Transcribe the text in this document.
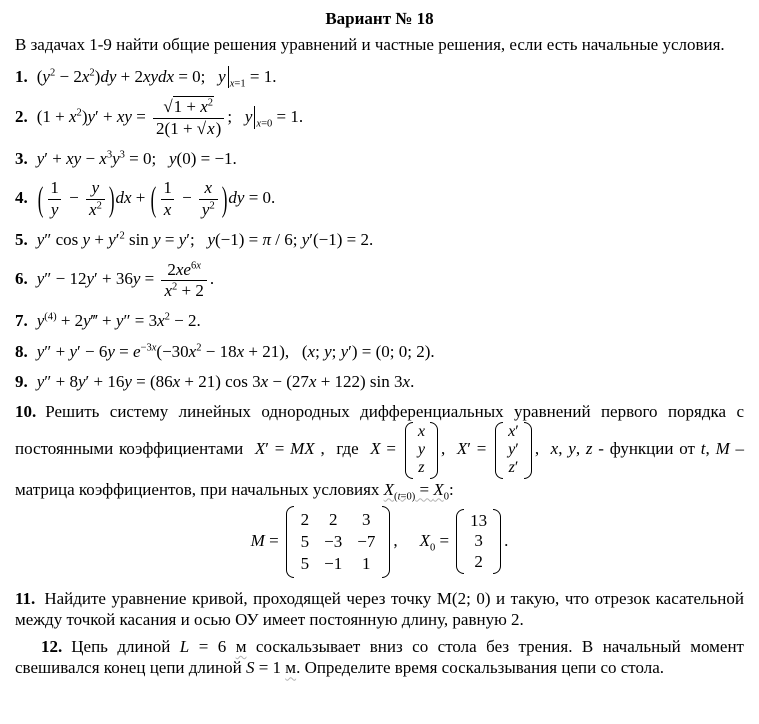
Вариант № 18
В задачах 1-9 найти общие решения уравнений и частные решения, если есть начальные условия.
1. $(y^2 - 2x^2)dy$ + 2xydx = 0;   y $_{x=1}$ = 1.
2. $(1 + x^2)y'$ + xy = $\frac{√1 + x^2}{2(1 + √x)}$ ;   y $_{x=0}$ = 1.
3. y′ + xy − $x^3y^3 = 0$;   y(0) = −1.
4. ( $\frac{1}{y} - \frac{y}{x^2} )dx$ + ( $\frac{1}{x} - \frac{x}{y^2} )dy = 0$.
5. y″ $\cos y + y'^2$ sin y = y′;   y(−1) = π / 6; y′(−1) = 2.
6. $y'' - 12y' + 36y = \frac{2xe^{6x}}{x^2 + 2}$ .
7. $y^{(4)}$ + 2y‴ + $y'' = 3x^2 - 2$.
8. $y'' + y' - 6y = e^{-3x}(-30x^2 - 18x + 21)$,   (x; y; y′) = (0; 0; 2).
9. y″ + 8y′ + 16y = (86x + 21) cos 3x − (27x + 122) sin 3x.
10. Решить систему линейных однородных дифференциальных уравнений первого порядка с постоянными коэффициентами  X′ = MX ,  где  X =
x
y
z
,  X′ =
x′
y′
z′
,  x, y, z - функции от t, M – матрица коэффициентов, при начальных условиях $X_{(t=0)} = X_0$:
M =
2 2 3
5 −3 −7
5 −1 1
, $X_0$ =
13
3
2
.
11. Найдите уравнение кривой, проходящей через точку М(2; 0) и такую, что отрезок касательной между точкой касания и осью ОУ имеет постоянную длину, равную 2.
12. Цепь длиной L = 6 м соскальзывает вниз со стола без трения. В начальный момент свешивался конец цепи длиной S = 1 м. Определите время соскальзывания цепи со стола.
